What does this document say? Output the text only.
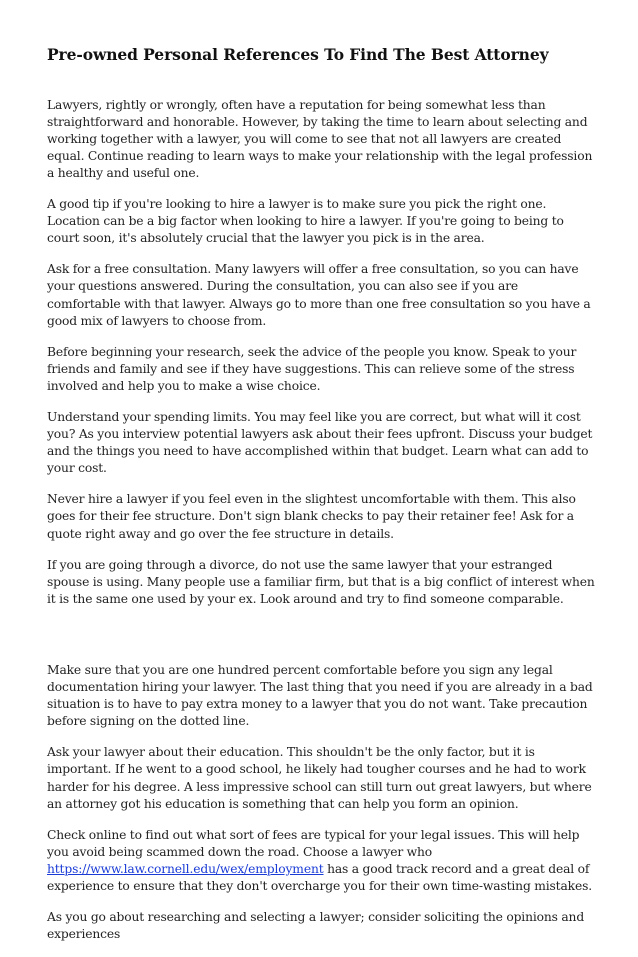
Pre-owned Personal References To Find The Best Attorney

Lawyers, rightly or wrongly, often have a reputation for being somewhat less than straightforward and honorable. However, by taking the time to learn about selecting and working together with a lawyer, you will come to see that not all lawyers are created equal. Continue reading to learn ways to make your relationship with the legal profession a healthy and useful one.

A good tip if you're looking to hire a lawyer is to make sure you pick the right one. Location can be a big factor when looking to hire a lawyer. If you're going to being to court soon, it's absolutely crucial that the lawyer you pick is in the area.

Ask for a free consultation. Many lawyers will offer a free consultation, so you can have your questions answered. During the consultation, you can also see if you are comfortable with that lawyer. Always go to more than one free consultation so you have a good mix of lawyers to choose from.

Before beginning your research, seek the advice of the people you know. Speak to your friends and family and see if they have suggestions. This can relieve some of the stress involved and help you to make a wise choice.

Understand your spending limits. You may feel like you are correct, but what will it cost you? As you interview potential lawyers ask about their fees upfront. Discuss your budget and the things you need to have accomplished within that budget. Learn what can add to your cost.

Never hire a lawyer if you feel even in the slightest uncomfortable with them. This also goes for their fee structure. Don't sign blank checks to pay their retainer fee! Ask for a quote right away and go over the fee structure in details.

If you are going through a divorce, do not use the same lawyer that your estranged spouse is using. Many people use a familiar firm, but that is a big conflict of interest when it is the same one used by your ex. Look around and try to find someone comparable.

Make sure that you are one hundred percent comfortable before you sign any legal documentation hiring your lawyer. The last thing that you need if you are already in a bad situation is to have to pay extra money to a lawyer that you do not want. Take precaution before signing on the dotted line.

Ask your lawyer about their education. This shouldn't be the only factor, but it is important. If he went to a good school, he likely had tougher courses and he had to work harder for his degree. A less impressive school can still turn out great lawyers, but where an attorney got his education is something that can help you form an opinion.

Check online to find out what sort of fees are typical for your legal issues. This will help you avoid being scammed down the road. Choose a lawyer who https://www.law.cornell.edu/wex/employment has a good track record and a great deal of experience to ensure that they don't overcharge you for their own time-wasting mistakes.

As you go about researching and selecting a lawyer; consider soliciting the opinions and experiences
